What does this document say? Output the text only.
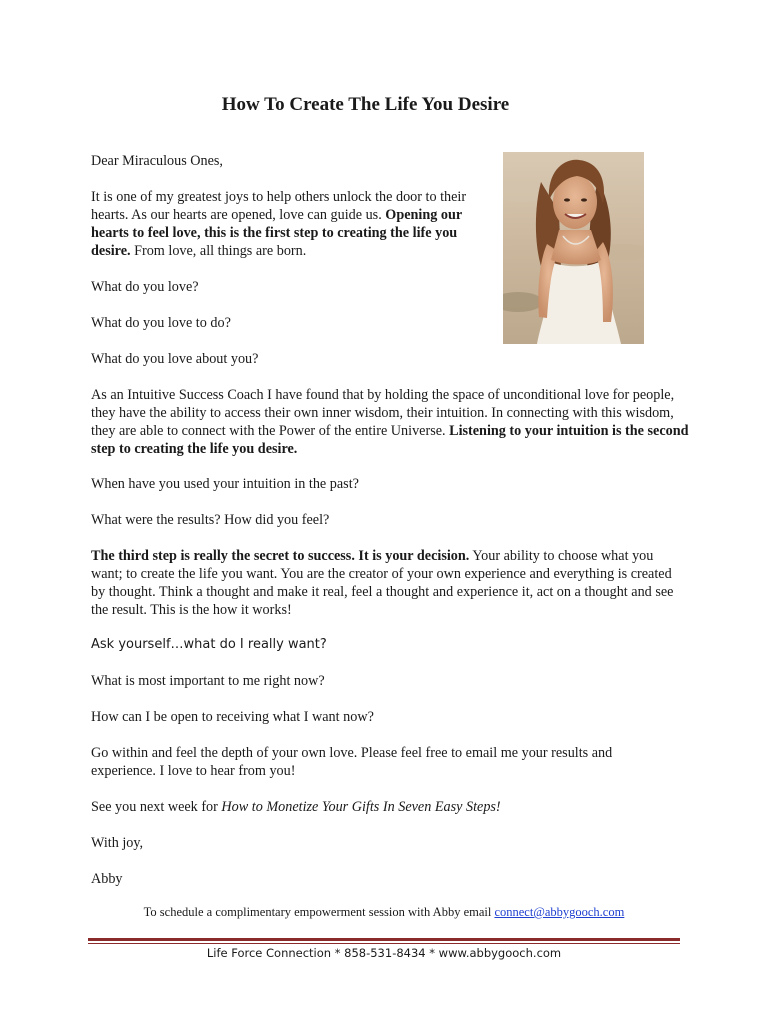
How To Create The Life You Desire
Dear Miraculous Ones,

It is one of my greatest joys to help others unlock the door to their hearts. As our hearts are opened, love can guide us. Opening our hearts to feel love, this is the first step to creating the life you desire. From love, all things are born.

What do you love?
What do you love to do?
What do you love about you?

As an Intuitive Success Coach I have found that by holding the space of unconditional love for people, they have the ability to access their own inner wisdom, their intuition. In connecting with this wisdom, they are able to connect with the Power of the entire Universe. Listening to your intuition is the second step to creating the life you desire.

When have you used your intuition in the past?
What were the results? How did you feel?

The third step is really the secret to success. It is your decision. Your ability to choose what you want; to create the life you want. You are the creator of your own experience and everything is created by thought. Think a thought and make it real, feel a thought and experience it, act on a thought and see the result. This is the how it works!

Ask yourself…what do I really want?
What is most important to me right now?
How can I be open to receiving what I want now?

Go within and feel the depth of your own love. Please feel free to email me your results and experience. I love to hear from you!

See you next week for How to Monetize Your Gifts In Seven Easy Steps!
With joy,
Abby
To schedule a complimentary empowerment session with Abby email connect@abbygooch.com
Life Force Connection * 858-531-8434 * www.abbygooch.com
